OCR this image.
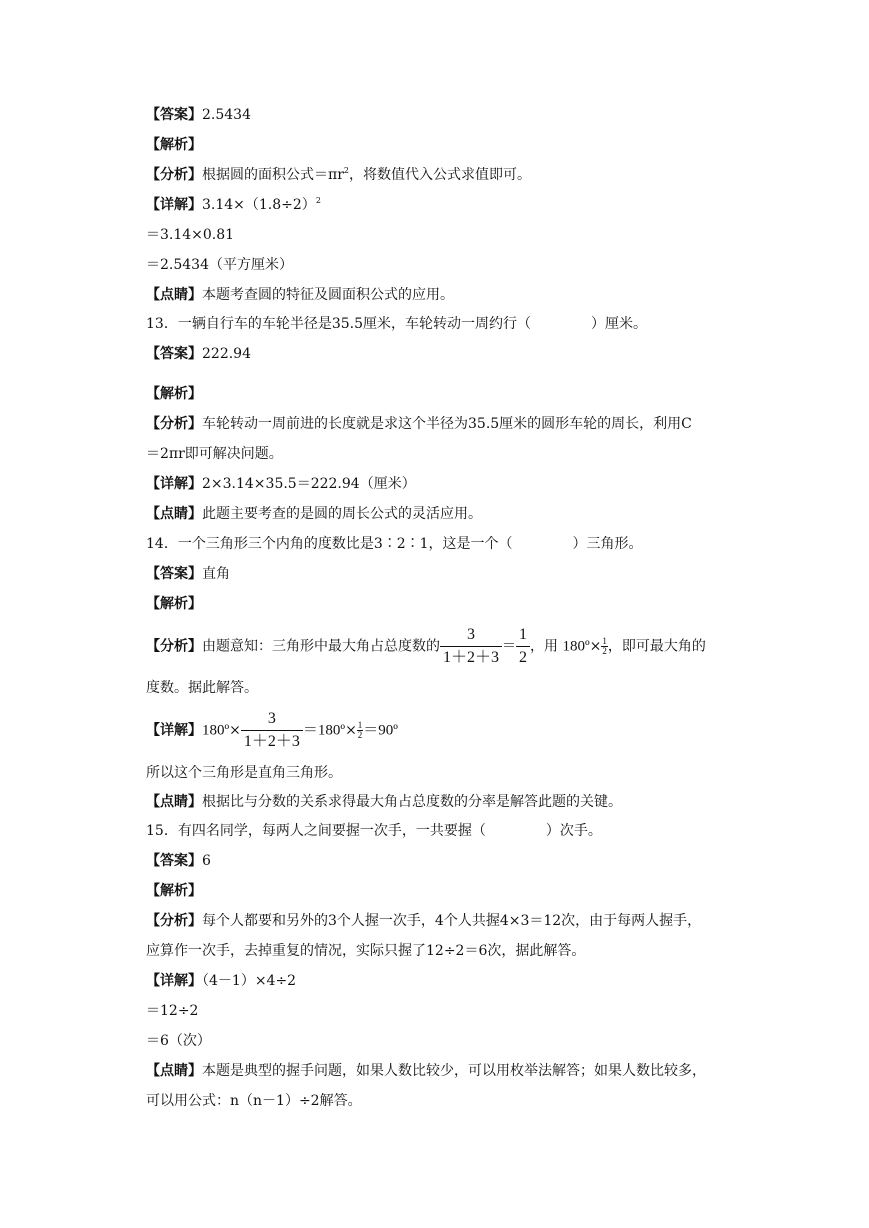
【答案】2.5434
【解析】
【分析】根据圆的面积公式$=\pi r^2$，将数值代入公式求值即可。
【详解】$3.14\times(1.8\div 2)^2$
＝3.14×0.81
＝2.5434（平方厘米）
【点睛】本题考查圆的特征及圆面积公式的应用。
13．一辆自行车的车轮半径是35.5厘米，车轮转动一周约行（	）厘米。
【答案】222.94
【解析】
【分析】车轮转动一周前进的长度就是求这个半径为35.5厘米的圆形车轮的周长，利用C
＝2πr即可解决问题。
【详解】2×3.14×35.5＝222.94（厘米）
【点睛】此题主要考查的是圆的周长公式的灵活应用。
14．一个三角形三个内角的度数比是3∶2∶1，这是一个（	）三角形。
【答案】直角
【解析】
【分析】由题意知：三角形中最大角占总度数的 $\frac{3}{1+2+3} = \frac{1}{2}$ ，用 180º× $\frac{1}{2}$ ，即可最大角的
度数。据此解答。
【详解】180º× $\frac{3}{1+2+3}$ ＝180º× $\frac{1}{2}$ ＝90º
所以这个三角形是直角三角形。
【点睛】根据比与分数的关系求得最大角占总度数的分率是解答此题的关键。
15．有四名同学，每两人之间要握一次手，一共要握（	）次手。
【答案】6
【解析】
【分析】每个人都要和另外的3个人握一次手，4个人共握4×3＝12次，由于每两人握手，
应算作一次手，去掉重复的情况，实际只握了12÷2＝6次，据此解答。
【详解】（4－1）×4÷2
＝12÷2
＝6（次）
【点睛】本题是典型的握手问题，如果人数比较少，可以用枚举法解答；如果人数比较多，
可以用公式：n（n－1）÷2解答。
